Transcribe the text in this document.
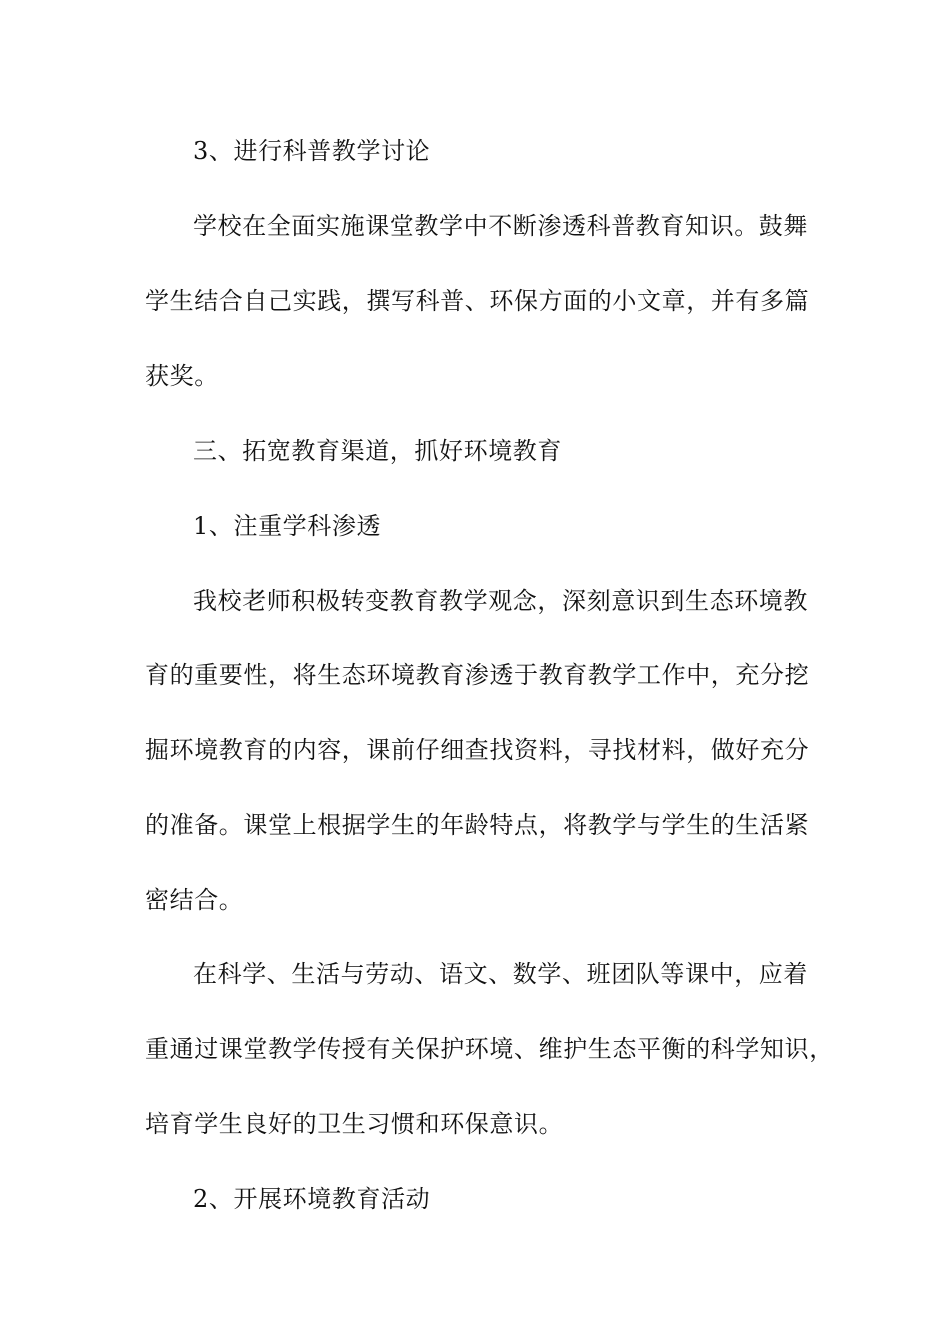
3、进行科普教学讨论
学校在全面实施课堂教学中不断渗透科普教育知识。鼓舞
学生结合自己实践，撰写科普、环保方面的小文章，并有多篇
获奖。
三、拓宽教育渠道，抓好环境教育
1、注重学科渗透
我校老师积极转变教育教学观念，深刻意识到生态环境教
育的重要性，将生态环境教育渗透于教育教学工作中，充分挖
掘环境教育的内容，课前仔细查找资料，寻找材料，做好充分
的准备。课堂上根据学生的年龄特点，将教学与学生的生活紧
密结合。
在科学、生活与劳动、语文、数学、班团队等课中，应着
重通过课堂教学传授有关保护环境、维护生态平衡的科学知识，
培育学生良好的卫生习惯和环保意识。
2、开展环境教育活动
